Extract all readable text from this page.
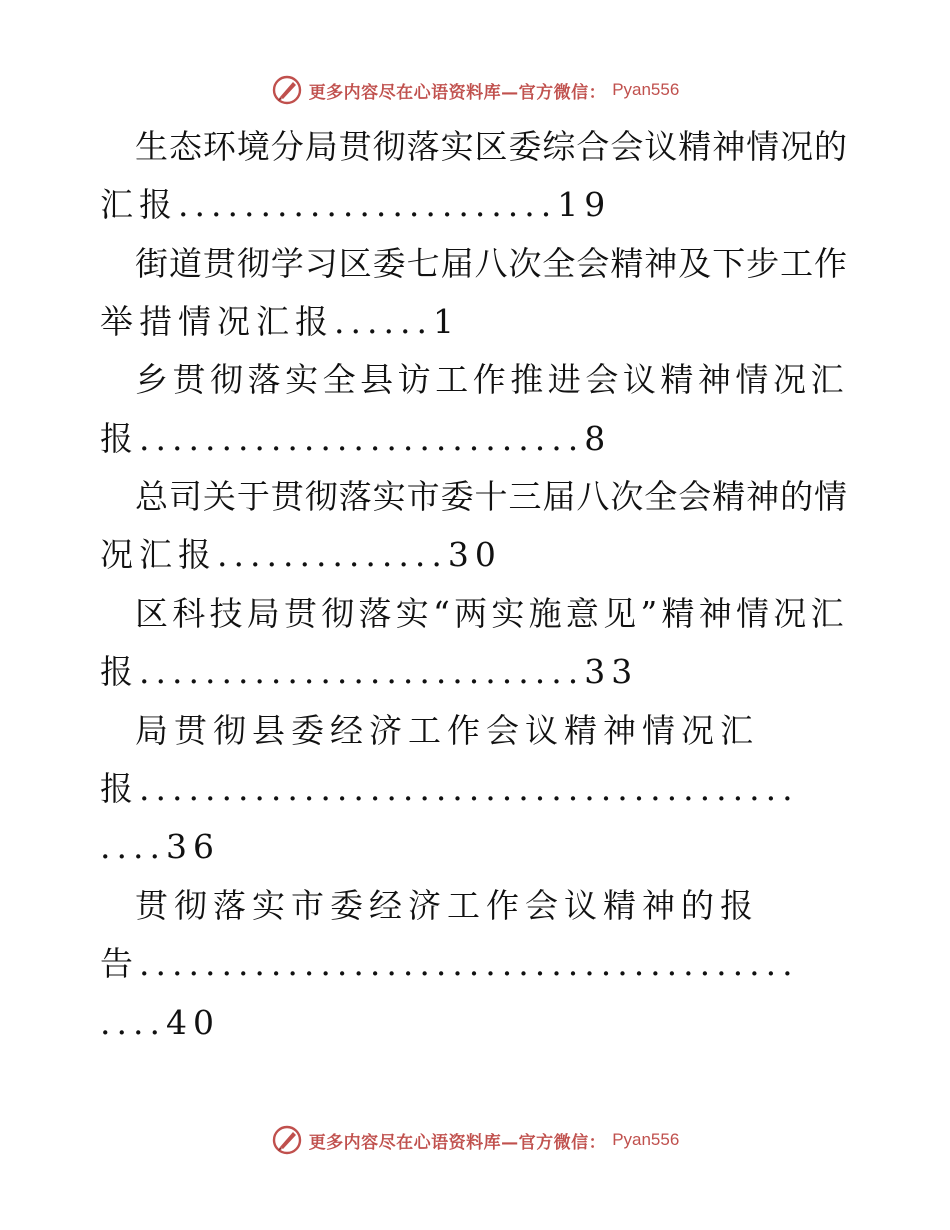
更多内容尽在心语资料库—官方微信： Pyan556
生态环境分局贯彻落实区委综合会议精神情况的
汇报.......................19
街道贯彻学习区委七届八次全会精神及下步工作
举措情况汇报......1
乡贯彻落实全县访工作推进会议精神情况汇
报...........................8
总司关于贯彻落实市委十三届八次全会精神的情
况汇报..............30
区科技局贯彻落实“两实施意见”精神情况汇
报...........................33
局贯彻县委经济工作会议精神情况汇
报........................................
....36
贯彻落实市委经济工作会议精神的报
告........................................
....40
更多内容尽在心语资料库—官方微信： Pyan556
